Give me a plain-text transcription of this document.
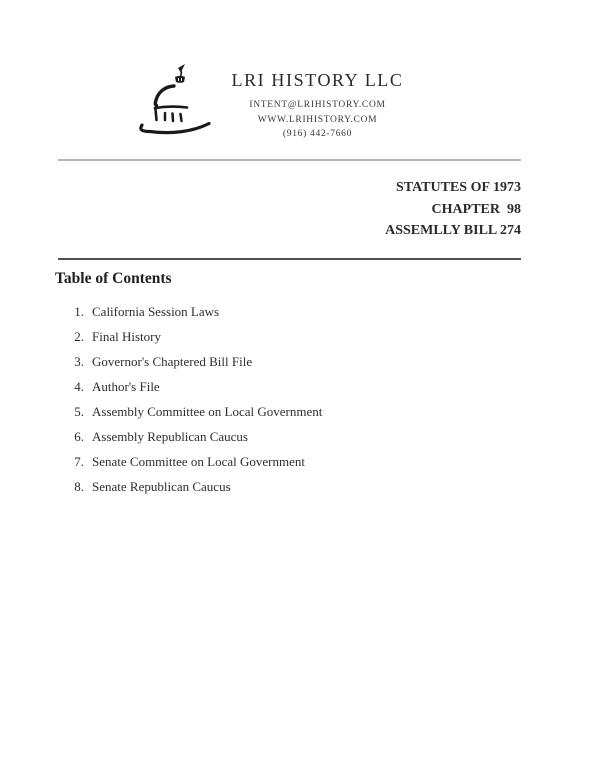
LRI HISTORY LLC
INTENT@LRIHISTORY.COM
WWW.LRIHISTORY.COM
(916) 442-7660
STATUTES OF 1973
CHAPTER  98
ASSEMLLY BILL 274
Table of Contents
1. California Session Laws
2. Final History
3. Governor's Chaptered Bill File
4. Author's File
5. Assembly Committee on Local Government
6. Assembly Republican Caucus
7. Senate Committee on Local Government
8. Senate Republican Caucus
